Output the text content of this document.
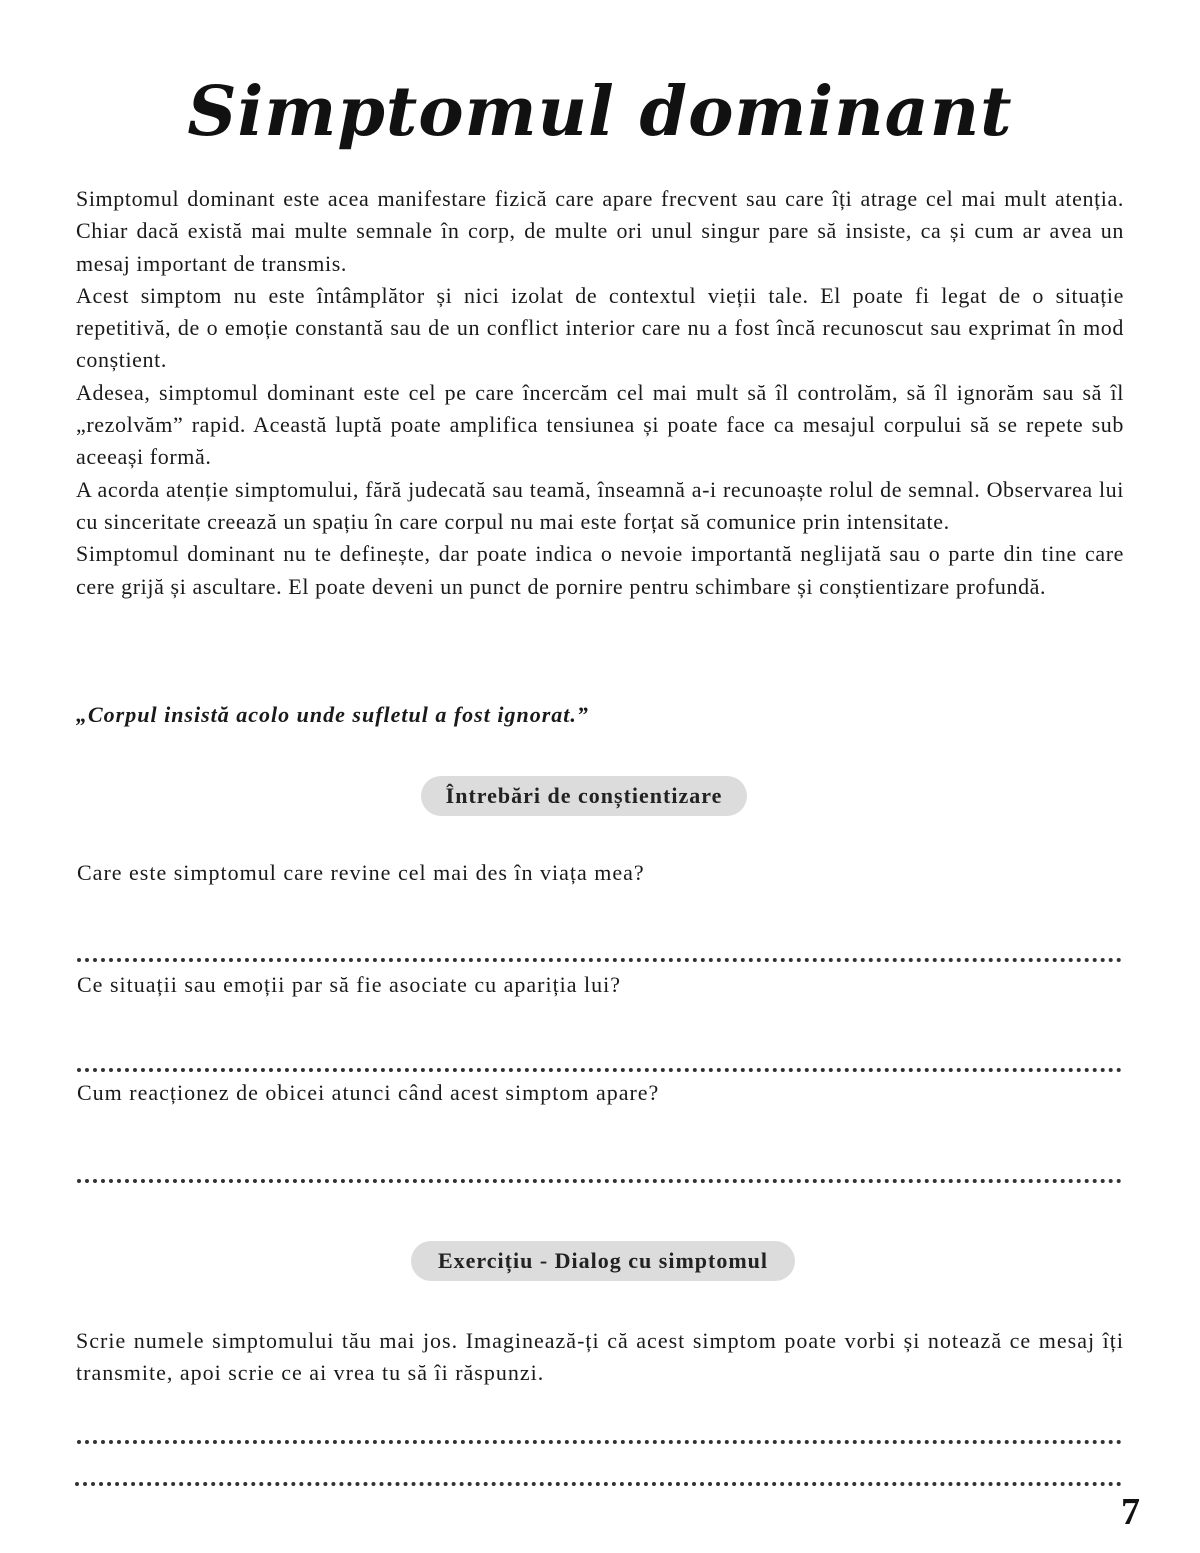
Simptomul dominant

Simptomul dominant este acea manifestare fizică care apare frecvent sau care îți atrage cel mai mult atenția. Chiar dacă există mai multe semnale în corp, de multe ori unul singur pare să insiste, ca și cum ar avea un mesaj important de transmis.

Acest simptom nu este întâmplător și nici izolat de contextul vieții tale. El poate fi legat de o situație repetitivă, de o emoție constantă sau de un conflict interior care nu a fost încă recunoscut sau exprimat în mod conștient.

Adesea, simptomul dominant este cel pe care încercăm cel mai mult să îl controlăm, să îl ignorăm sau să îl „rezolvăm” rapid. Această luptă poate amplifica tensiunea și poate face ca mesajul corpului să se repete sub aceeași formă.

A acorda atenție simptomului, fără judecată sau teamă, înseamnă a-i recunoaște rolul de semnal. Observarea lui cu sinceritate creează un spațiu în care corpul nu mai este forțat să comunice prin intensitate.

Simptomul dominant nu te definește, dar poate indica o nevoie importantă neglijată sau o parte din tine care cere grijă și ascultare. El poate deveni un punct de pornire pentru schimbare și conștientizare profundă.

„Corpul insistă acolo unde sufletul a fost ignorat.”

Întrebări de conștientizare

Care este simptomul care revine cel mai des în viața mea?

Ce situații sau emoții par să fie asociate cu apariția lui?

Cum reacționez de obicei atunci când acest simptom apare?

Exercițiu - Dialog cu simptomul

Scrie numele simptomului tău mai jos. Imaginează-ți că acest simptom poate vorbi și notează ce mesaj îți transmite, apoi scrie ce ai vrea tu să îi răspunzi.

7
